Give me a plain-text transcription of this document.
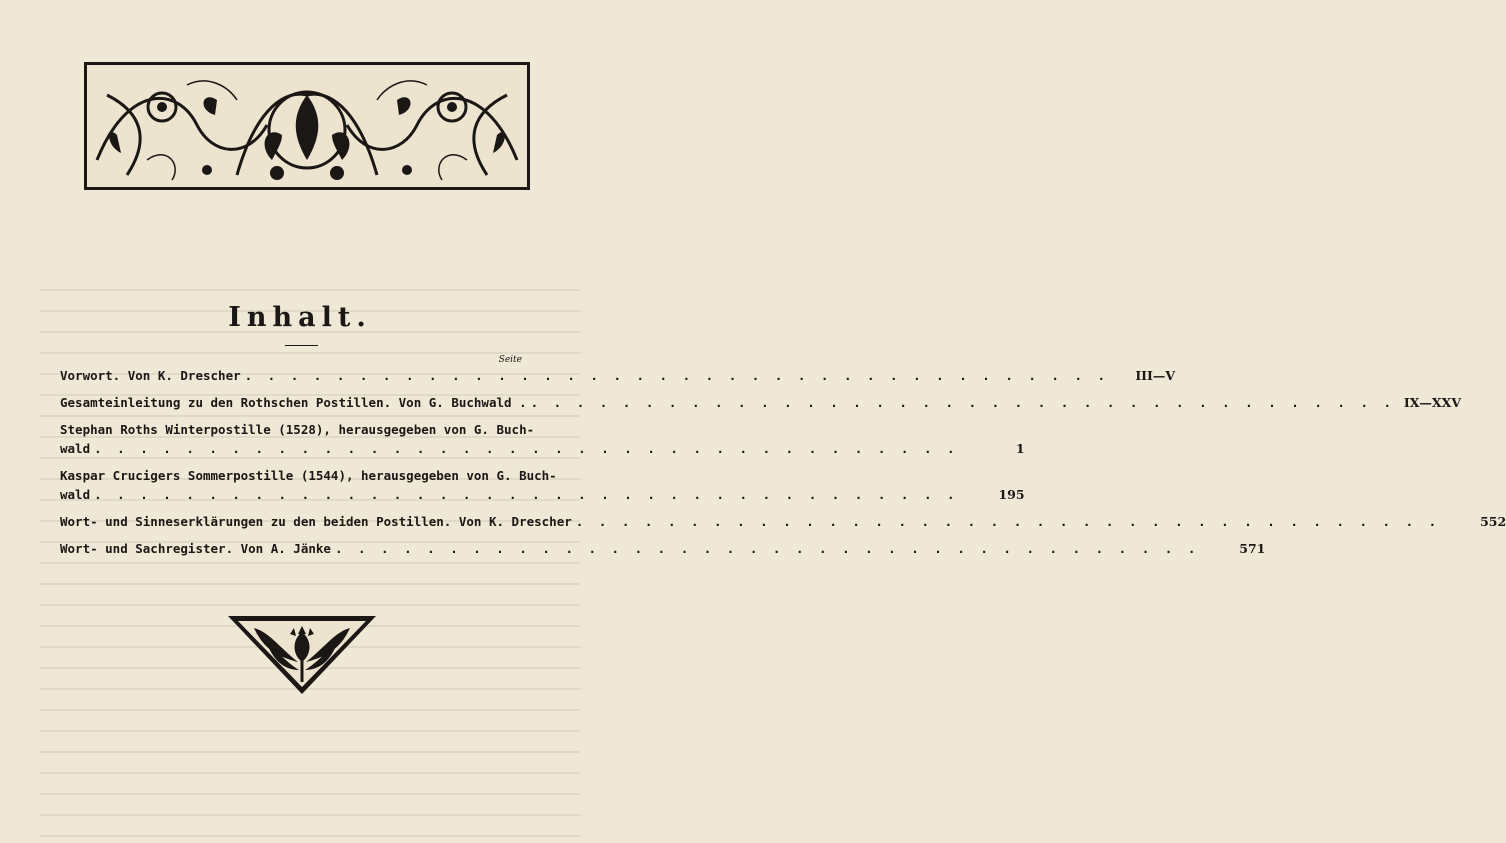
Inhalt.
Seite
Vorwort. Von K. Drescher . . .	III—V
Gesamteinleitung zu den Rothschen Postillen. Von G. Buchwald . . . .	IX—XXV
Stephan Roths Winterpostille (1528), herausgegeben von G. Buch-
wald . . .	1
Kaspar Crucigers Sommerpostille (1544), herausgegeben von G. Buch-
wald . . .	195
Wort- und Sinneserklärungen zu den beiden Postillen. Von K. Drescher . . .	552
Wort- und Sachregister. Von A. Jänke . . .	571
